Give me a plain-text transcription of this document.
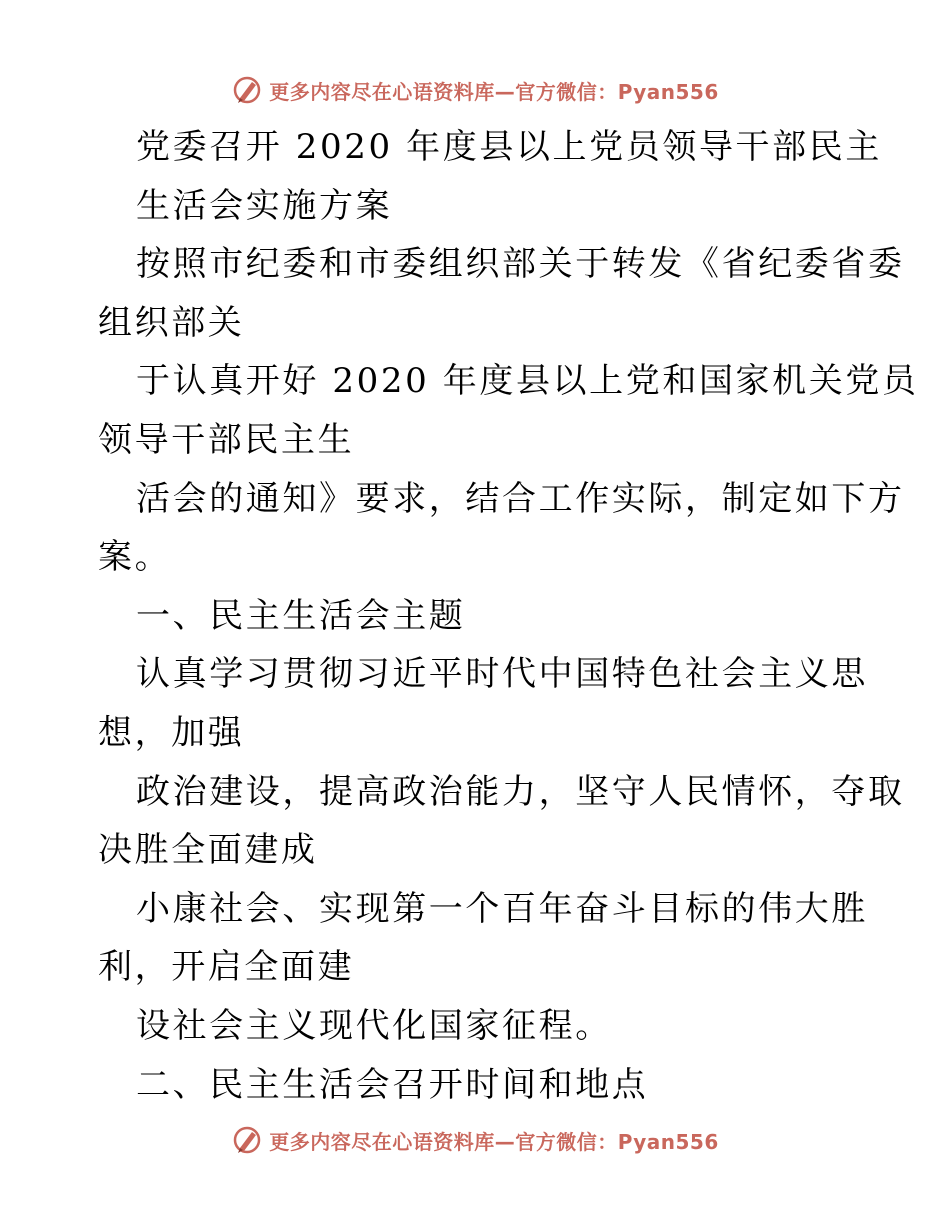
更多内容尽在心语资料库—官方微信：Pyan556
党委召开 2020 年度县以上党员领导干部民主
生活会实施方案
按照市纪委和市委组织部关于转发《省纪委省委
组织部关
于认真开好 2020 年度县以上党和国家机关党员
领导干部民主生
活会的通知》要求，结合工作实际，制定如下方
案。
一、民主生活会主题
认真学习贯彻习近平时代中国特色社会主义思
想，加强
政治建设，提高政治能力，坚守人民情怀，夺取
决胜全面建成
小康社会、实现第一个百年奋斗目标的伟大胜
利，开启全面建
设社会主义现代化国家征程。
二、民主生活会召开时间和地点
更多内容尽在心语资料库—官方微信：Pyan556
